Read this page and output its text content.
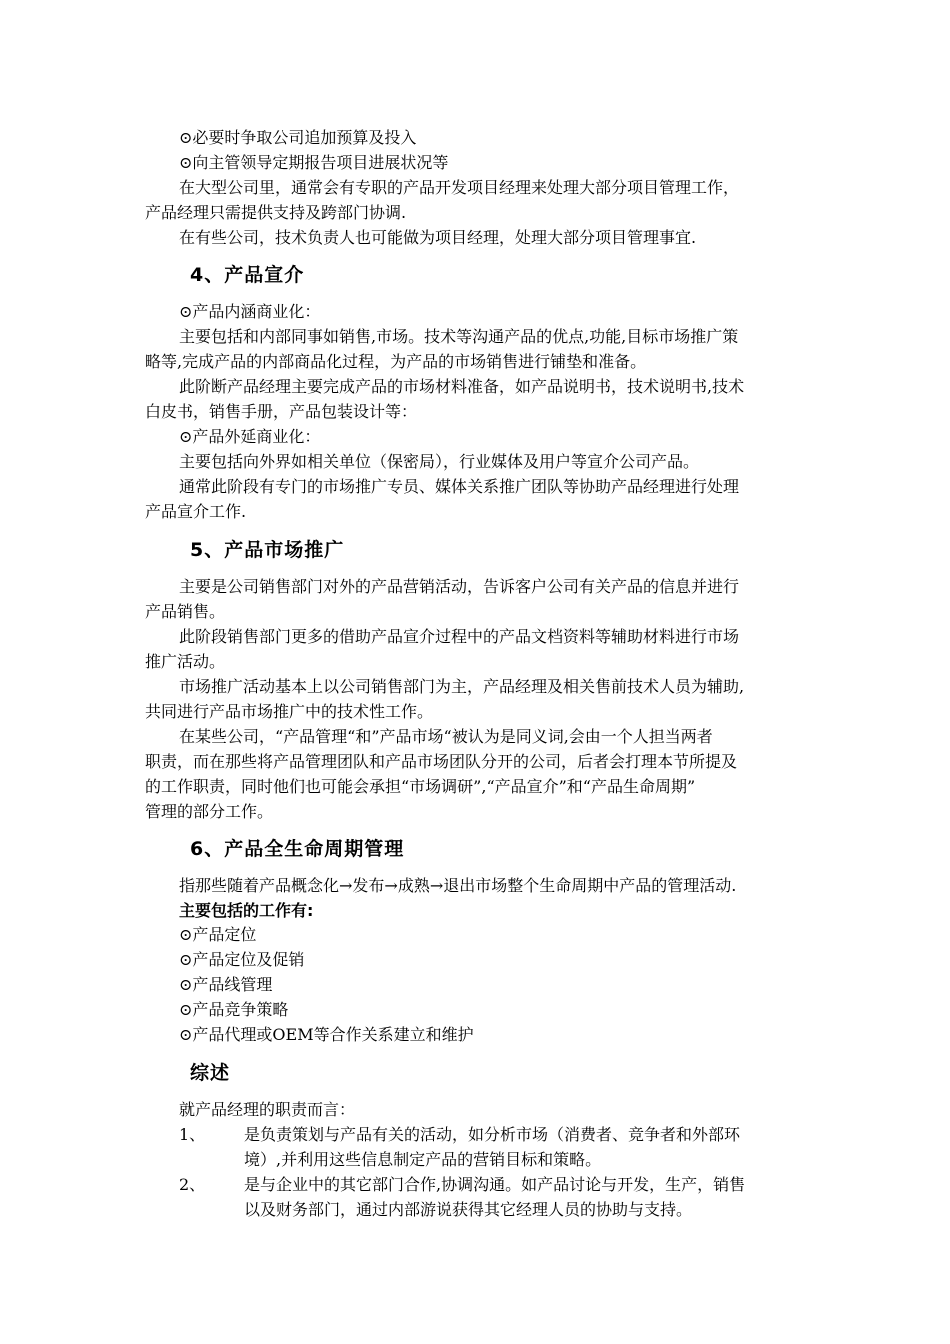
⊙必要时争取公司追加预算及投入
⊙向主管领导定期报告项目进展状况等
在大型公司里，通常会有专职的产品开发项目经理来处理大部分项目管理工作，
产品经理只需提供支持及跨部门协调.
在有些公司，技术负责人也可能做为项目经理，处理大部分项目管理事宜.
4、产品宣介
⊙产品内涵商业化：
主要包括和内部同事如销售,市场。技术等沟通产品的优点,功能,目标市场推广策
略等,完成产品的内部商品化过程，为产品的市场销售进行铺垫和准备。
此阶断产品经理主要完成产品的市场材料准备，如产品说明书，技术说明书,技术
白皮书，销售手册，产品包装设计等：
⊙产品外延商业化：
主要包括向外界如相关单位（保密局），行业媒体及用户等宣介公司产品。
通常此阶段有专门的市场推广专员、媒体关系推广团队等协助产品经理进行处理
产品宣介工作.
5、产品市场推广
主要是公司销售部门对外的产品营销活动，告诉客户公司有关产品的信息并进行
产品销售。
此阶段销售部门更多的借助产品宣介过程中的产品文档资料等辅助材料进行市场
推广活动。
市场推广活动基本上以公司销售部门为主，产品经理及相关售前技术人员为辅助,
共同进行产品市场推广中的技术性工作。
在某些公司，“产品管理“和”产品市场“被认为是同义词,会由一个人担当两者
职责，而在那些将产品管理团队和产品市场团队分开的公司，后者会打理本节所提及
的工作职责，同时他们也可能会承担“市场调研”,“产品宣介”和“产品生命周期”
管理的部分工作。
6、产品全生命周期管理
指那些随着产品概念化→发布→成熟→退出市场整个生命周期中产品的管理活动.
主要包括的工作有:
⊙产品定位
⊙产品定位及促销
⊙产品线管理
⊙产品竞争策略
⊙产品代理或OEM等合作关系建立和维护
综述
就产品经理的职责而言：
1、 是负责策划与产品有关的活动，如分析市场（消费者、竞争者和外部环
境）,并利用这些信息制定产品的营销目标和策略。
2、 是与企业中的其它部门合作,协调沟通。如产品讨论与开发，生产，销售
以及财务部门，通过内部游说获得其它经理人员的协助与支持。
